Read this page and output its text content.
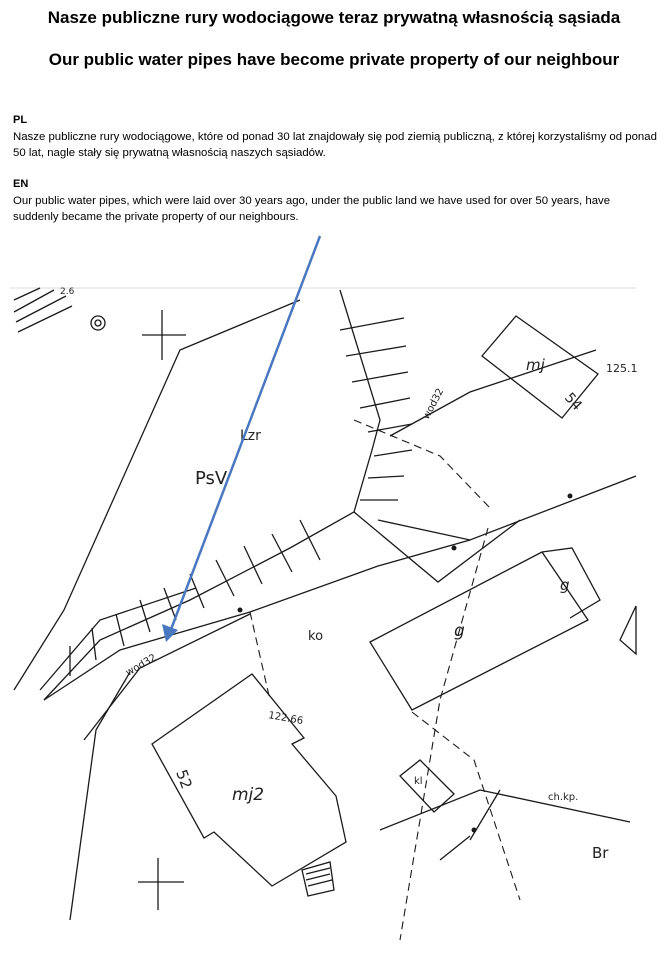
Nasze publiczne rury wodociągowe teraz prywatną własnością sąsiada
Our public water pipes have become private property of our neighbour
PL
Nasze publiczne rury wodociągowe, które od ponad 30 lat znajdowały się pod ziemią publiczną, z której korzystaliśmy od ponad 50 lat, nagle stały się prywatną własnością naszych sąsiadów.
EN
Our public water pipes, which were laid over 30 years ago, under the public land we have used for over 50 years, have suddenly became the private property of our neighbours.
PsV
Lzr
wod32
wod32
mj
54
125.1
g
g
ko
122.66
52
mj2
kl
ch.kp.
Br
2.6
